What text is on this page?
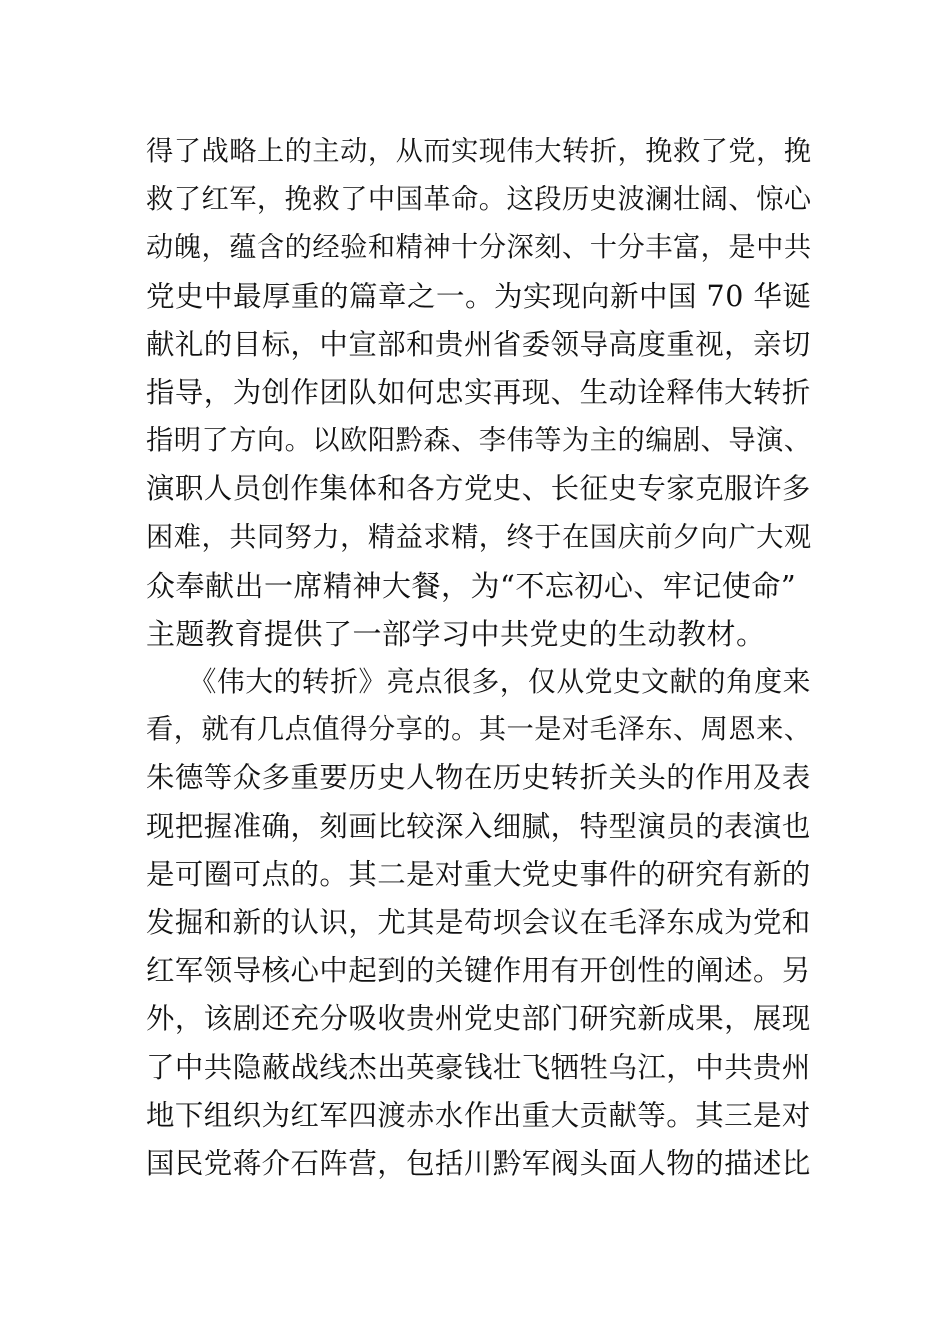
得了战略上的主动，从而实现伟大转折，挽救了党，挽
救了红军，挽救了中国革命。这段历史波澜壮阔、惊心
动魄，蕴含的经验和精神十分深刻、十分丰富，是中共
党史中最厚重的篇章之一。为实现向新中国 70 华诞
献礼的目标，中宣部和贵州省委领导高度重视，亲切
指导，为创作团队如何忠实再现、生动诠释伟大转折
指明了方向。以欧阳黔森、李伟等为主的编剧、导演、
演职人员创作集体和各方党史、长征史专家克服许多
困难，共同努力，精益求精，终于在国庆前夕向广大观
众奉献出一席精神大餐，为“不忘初心、牢记使命”
主题教育提供了一部学习中共党史的生动教材。
　　《伟大的转折》亮点很多，仅从党史文献的角度来
看，就有几点值得分享的。其一是对毛泽东、周恩来、
朱德等众多重要历史人物在历史转折关头的作用及表
现把握准确，刻画比较深入细腻，特型演员的表演也
是可圈可点的。其二是对重大党史事件的研究有新的
发掘和新的认识，尤其是苟坝会议在毛泽东成为党和
红军领导核心中起到的关键作用有开创性的阐述。另
外，该剧还充分吸收贵州党史部门研究新成果，展现
了中共隐蔽战线杰出英豪钱壮飞牺牲乌江，中共贵州
地下组织为红军四渡赤水作出重大贡献等。其三是对
国民党蒋介石阵营，包括川黔军阀头面人物的描述比
